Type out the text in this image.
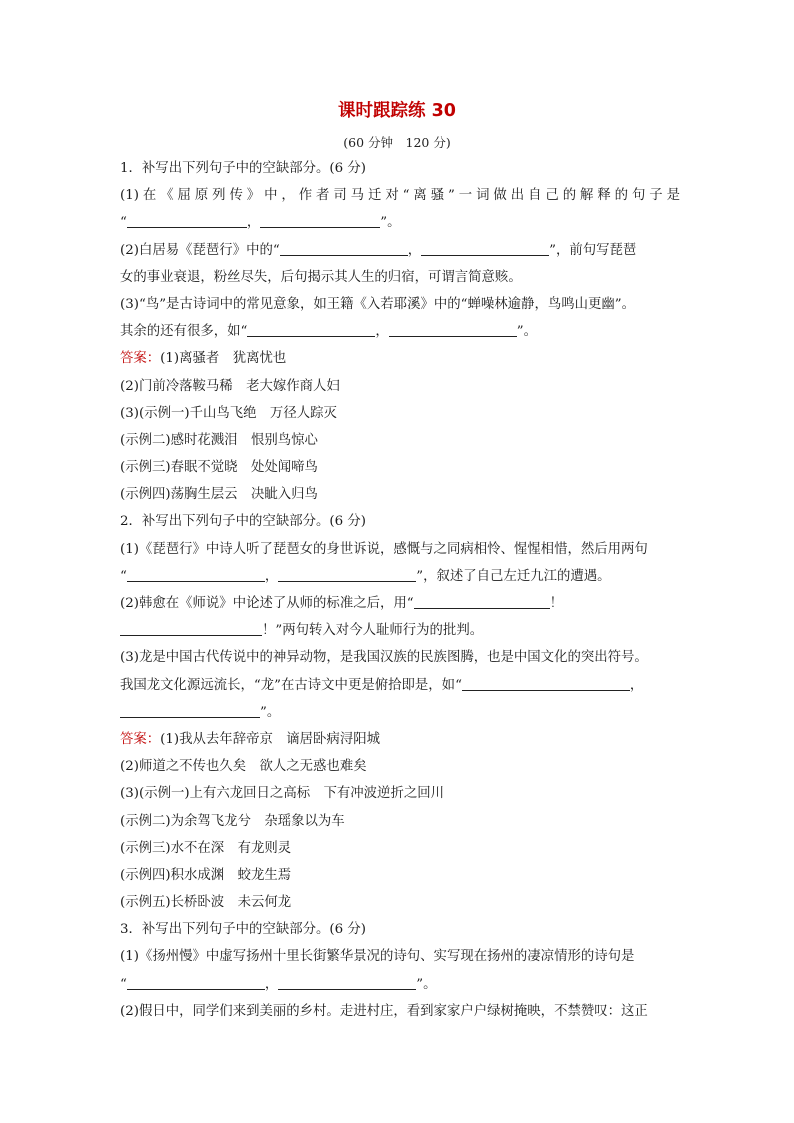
课时跟踪练 30
(60 分钟　120 分)
1．补写出下列句子中的空缺部分。(6 分)
(1)在《屈原列传》中，作者司马迁对“离骚”一词做出自己的解释的句子是
“	，	”。
(2)白居易《琵琶行》中的“	，	”，前句写琵琶
女的事业衰退，粉丝尽失，后句揭示其人生的归宿，可谓言简意赅。
(3)“鸟”是古诗词中的常见意象，如王籍《入若耶溪》中的“蝉噪林逾静，鸟鸣山更幽”。
其余的还有很多，如“	，	”。
答案：(1)离骚者　犹离忧也
(2)门前冷落鞍马稀　老大嫁作商人妇
(3)(示例一)千山鸟飞绝　万径人踪灭
(示例二)感时花溅泪　恨别鸟惊心
(示例三)春眠不觉晓　处处闻啼鸟
(示例四)荡胸生层云　决眦入归鸟
2．补写出下列句子中的空缺部分。(6 分)
(1)《琵琶行》中诗人听了琵琶女的身世诉说，感慨与之同病相怜、惺惺相惜，然后用两句
“	，	”，叙述了自己左迁九江的遭遇。
(2)韩愈在《师说》中论述了从师的标准之后，用“	！
！”两句转入对今人耻师行为的批判。
(3)龙是中国古代传说中的神异动物，是我国汉族的民族图腾，也是中国文化的突出符号。
我国龙文化源远流长，“龙”在古诗文中更是俯拾即是，如“	，
”。
答案：(1)我从去年辞帝京　谪居卧病浔阳城
(2)师道之不传也久矣　欲人之无惑也难矣
(3)(示例一)上有六龙回日之高标　下有冲波逆折之回川
(示例二)为余驾飞龙兮　杂瑶象以为车
(示例三)水不在深　有龙则灵
(示例四)积水成渊　蛟龙生焉
(示例五)长桥卧波　未云何龙
3．补写出下列句子中的空缺部分。(6 分)
(1)《扬州慢》中虚写扬州十里长街繁华景况的诗句、实写现在扬州的凄凉情形的诗句是
“	，	”。
(2)假日中，同学们来到美丽的乡村。走进村庄，看到家家户户绿树掩映，不禁赞叹：这正
